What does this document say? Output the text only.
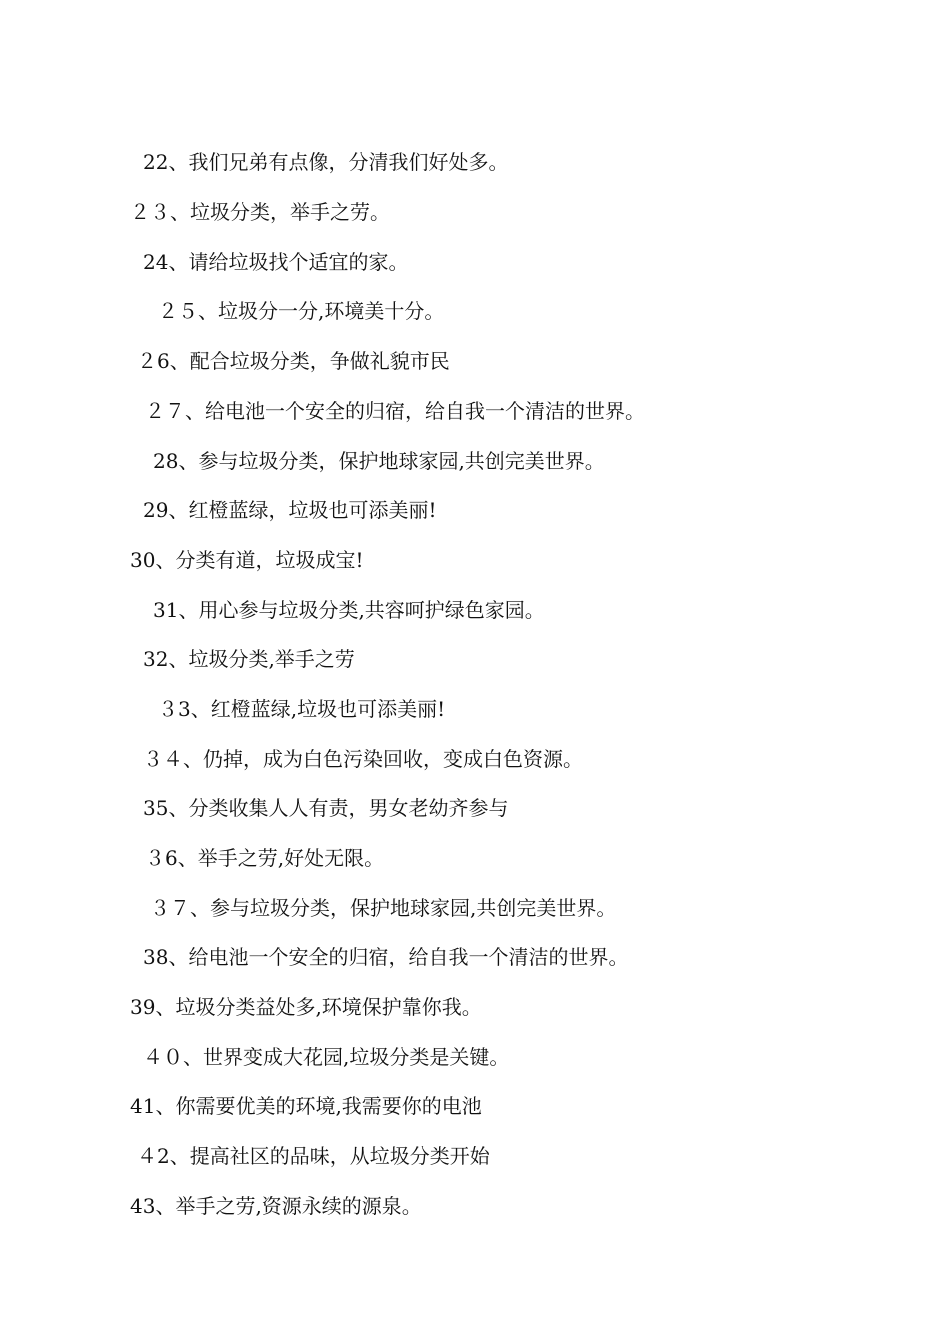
22、我们兄弟有点像，分清我们好处多。
２３、垃圾分类，举手之劳。
24、请给垃圾找个适宜的家。
２５、垃圾分一分,环境美十分。
２6、配合垃圾分类，争做礼貌市民
２７、给电池一个安全的归宿，给自我一个清洁的世界。
28、参与垃圾分类，保护地球家园,共创完美世界。
29、红橙蓝绿，垃圾也可添美丽!
30、分类有道，垃圾成宝!
31、用心参与垃圾分类,共容呵护绿色家园。
32、垃圾分类,举手之劳
３3、红橙蓝绿,垃圾也可添美丽!
３４、仍掉，成为白色污染回收，变成白色资源。
35、分类收集人人有责，男女老幼齐参与
３6、举手之劳,好处无限。
３７、参与垃圾分类，保护地球家园,共创完美世界。
38、给电池一个安全的归宿，给自我一个清洁的世界。
39、垃圾分类益处多,环境保护靠你我。
４０、世界变成大花园,垃圾分类是关键。
41、你需要优美的环境,我需要你的电池
４2、提高社区的品味，从垃圾分类开始
43、举手之劳,资源永续的源泉。
